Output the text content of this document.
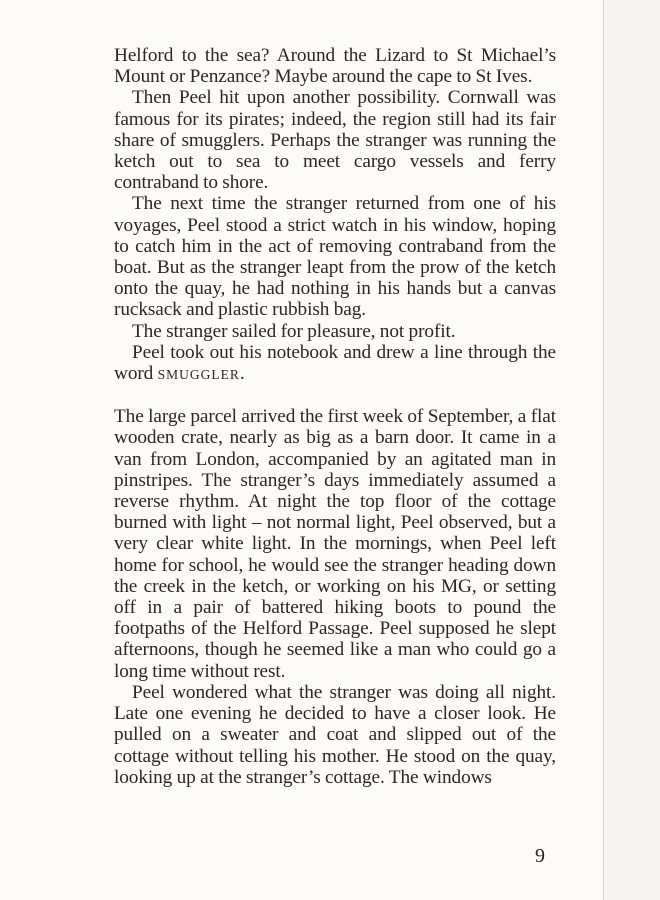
Helford to the sea? Around the Lizard to St Michael’s Mount or Penzance? Maybe around the cape to St Ives.

Then Peel hit upon another possibility. Cornwall was famous for its pirates; indeed, the region still had its fair share of smugglers. Perhaps the stranger was running the ketch out to sea to meet cargo vessels and ferry contraband to shore.

The next time the stranger returned from one of his voyages, Peel stood a strict watch in his window, hoping to catch him in the act of removing contraband from the boat. But as the stranger leapt from the prow of the ketch onto the quay, he had nothing in his hands but a canvas rucksack and plastic rubbish bag.

The stranger sailed for pleasure, not profit.

Peel took out his notebook and drew a line through the word SMUGGLER.

The large parcel arrived the first week of September, a flat wooden crate, nearly as big as a barn door. It came in a van from London, accompanied by an agitated man in pinstripes. The stranger’s days immediately assumed a reverse rhythm. At night the top floor of the cottage burned with light – not normal light, Peel observed, but a very clear white light. In the mornings, when Peel left home for school, he would see the stranger heading down the creek in the ketch, or working on his MG, or setting off in a pair of battered hiking boots to pound the footpaths of the Helford Passage. Peel supposed he slept afternoons, though he seemed like a man who could go a long time without rest.

Peel wondered what the stranger was doing all night. Late one evening he decided to have a closer look. He pulled on a sweater and coat and slipped out of the cottage without telling his mother. He stood on the quay, looking up at the stranger’s cottage. The windows

9
